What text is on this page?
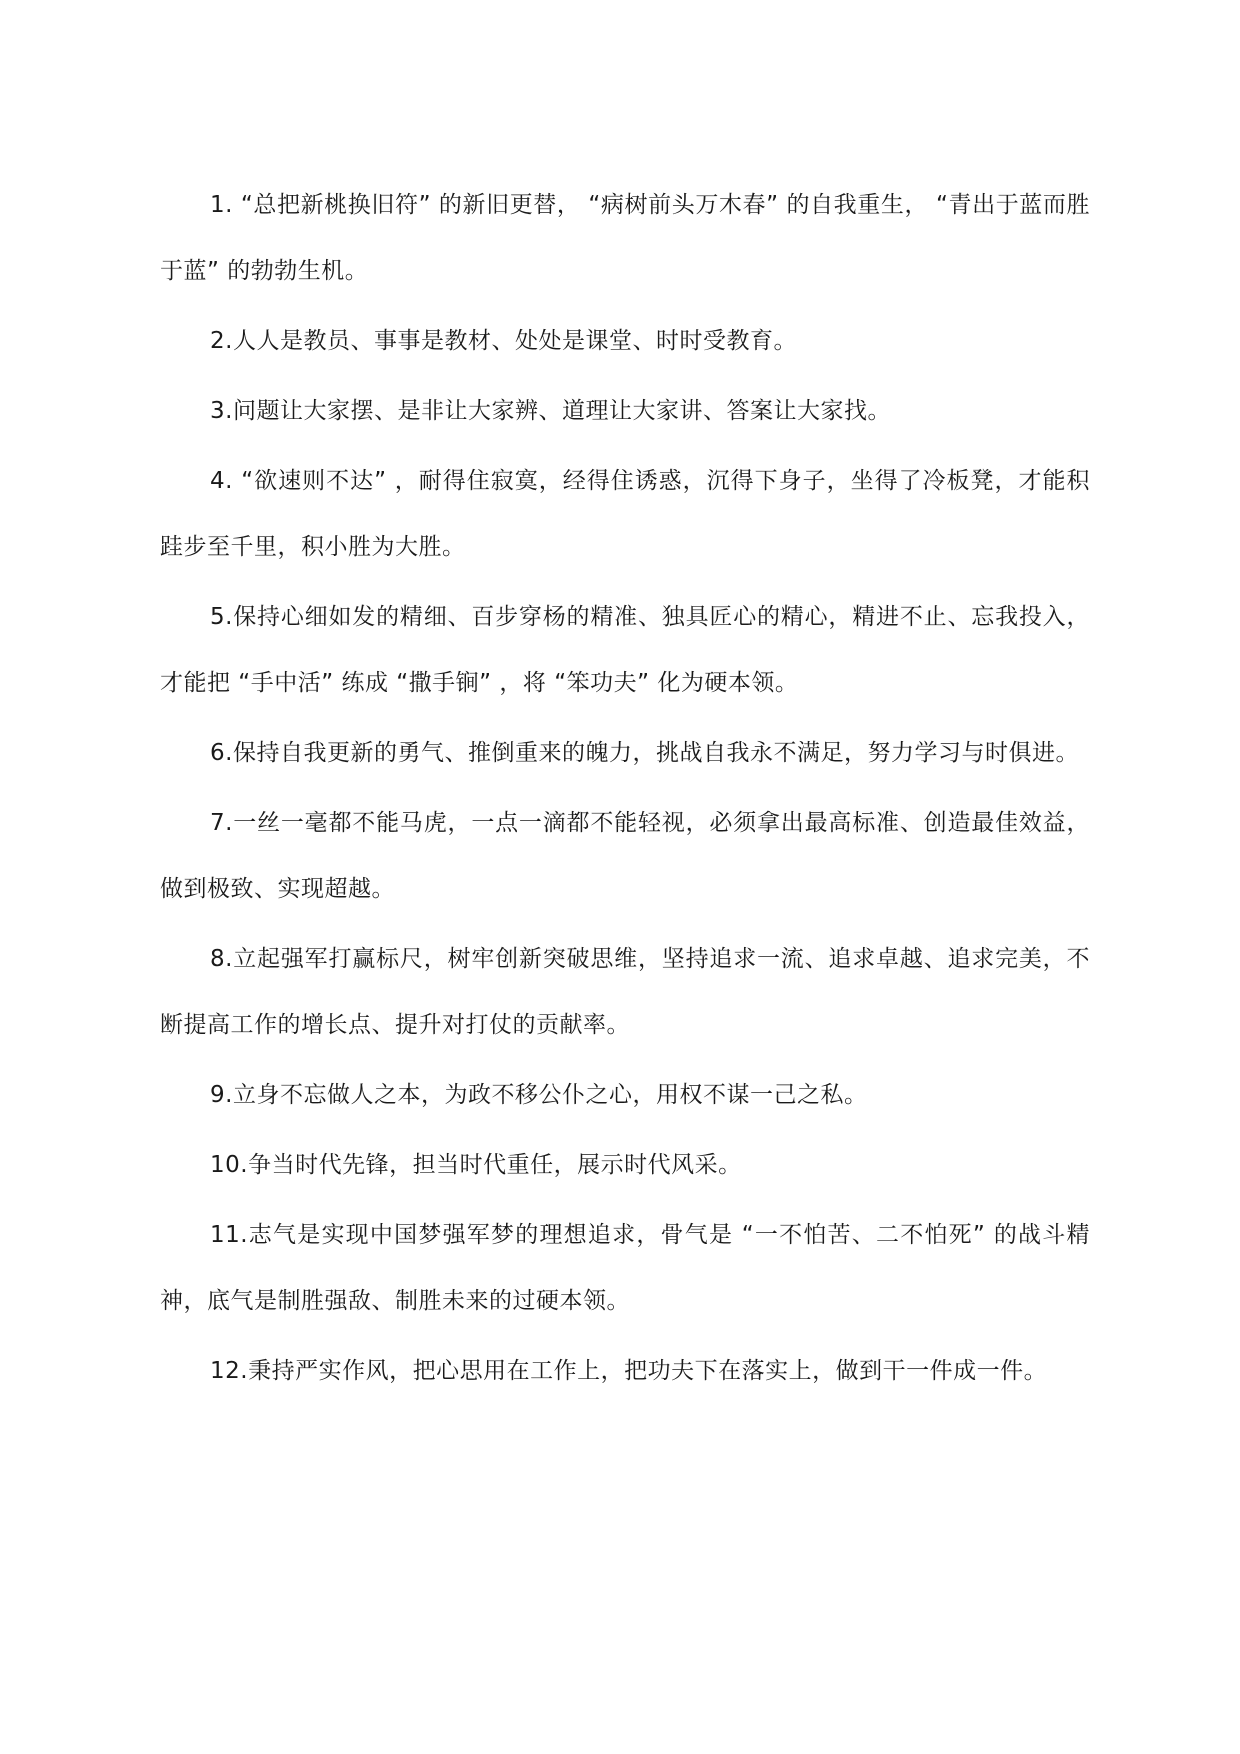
1. “总把新桃换旧符” 的新旧更替， “病树前头万木春” 的自我重生， “青出于蓝而胜于蓝” 的勃勃生机。

2.人人是教员、事事是教材、处处是课堂、时时受教育。

3.问题让大家摆、是非让大家辨、道理让大家讲、答案让大家找。

4. “欲速则不达” ，耐得住寂寞，经得住诱惑，沉得下身子，坐得了冷板凳，才能积跬步至千里，积小胜为大胜。

5.保持心细如发的精细、百步穿杨的精准、独具匠心的精心，精进不止、忘我投入，才能把 “手中活” 练成 “撒手锏” ，将 “笨功夫” 化为硬本领。

6.保持自我更新的勇气、推倒重来的魄力，挑战自我永不满足，努力学习与时俱进。

7.一丝一毫都不能马虎，一点一滴都不能轻视，必须拿出最高标准、创造最佳效益，做到极致、实现超越。

8.立起强军打赢标尺，树牢创新突破思维，坚持追求一流、追求卓越、追求完美，不断提高工作的增长点、提升对打仗的贡献率。

9.立身不忘做人之本，为政不移公仆之心，用权不谋一己之私。

10.争当时代先锋，担当时代重任，展示时代风采。

11.志气是实现中国梦强军梦的理想追求，骨气是 “一不怕苦、二不怕死” 的战斗精神，底气是制胜强敌、制胜未来的过硬本领。

12.秉持严实作风，把心思用在工作上，把功夫下在落实上，做到干一件成一件。
